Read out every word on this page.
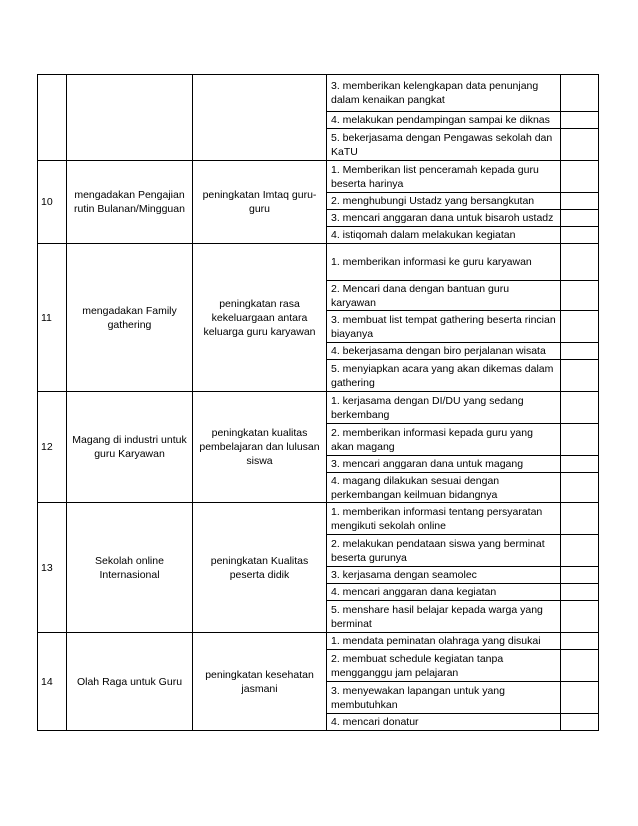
			3. memberikan kelengkapan data penunjang dalam kenaikan pangkat	
			4. melakukan pendampingan sampai ke diknas	
			5. bekerjasama dengan Pengawas sekolah dan KaTU	
10	mengadakan Pengajian rutin Bulanan/Mingguan	peningkatan Imtaq guru-guru	1. Memberikan list penceramah kepada guru beserta harinya	
			2. menghubungi Ustadz yang bersangkutan	
			3. mencari anggaran dana untuk bisaroh ustadz	
			4. istiqomah dalam melakukan kegiatan	
11	mengadakan Family gathering	peningkatan rasa kekeluargaan antara keluarga guru karyawan	1. memberikan informasi ke guru karyawan	
			2. Mencari dana dengan bantuan guru karyawan	
			3. membuat list tempat gathering beserta rincian biayanya	
			4. bekerjasama dengan biro perjalanan wisata	
			5. menyiapkan acara yang akan dikemas dalam gathering	
12	Magang di industri untuk guru Karyawan	peningkatan kualitas pembelajaran dan lulusan siswa	1. kerjasama dengan DI/DU yang sedang berkembang	
			2. memberikan informasi kepada guru yang akan magang	
			3. mencari anggaran dana untuk magang	
			4. magang dilakukan sesuai dengan perkembangan keilmuan bidangnya	
13	Sekolah online Internasional	peningkatan Kualitas peserta didik	1. memberikan informasi tentang persyaratan mengikuti sekolah online	
			2. melakukan pendataan siswa yang berminat beserta gurunya	
			3. kerjasama dengan seamolec	
			4. mencari anggaran dana kegiatan	
			5. menshare hasil belajar kepada warga yang berminat	
14	Olah Raga untuk Guru	peningkatan kesehatan jasmani	1. mendata peminatan olahraga yang disukai	
			2. membuat schedule kegiatan tanpa mengganggu jam pelajaran	
			3. menyewakan lapangan untuk yang membutuhkan	
			4. mencari donatur	
